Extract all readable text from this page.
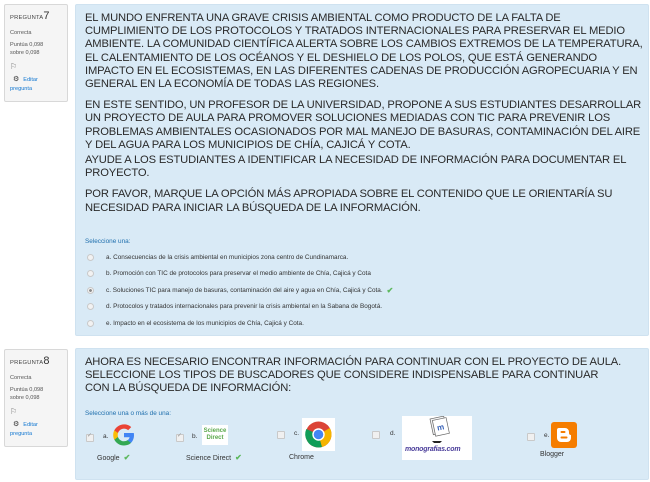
PREGUNTA7
Correcta
Puntúa 0,098
sobre 0,098
⚐
⚙ Editar
pregunta

EL MUNDO ENFRENTA UNA GRAVE CRISIS AMBIENTAL COMO PRODUCTO DE LA FALTA DE CUMPLIMIENTO DE LOS PROTOCOLOS Y TRATADOS INTERNACIONALES PARA PRESERVAR EL MEDIO AMBIENTE. LA COMUNIDAD CIENTÍFICA ALERTA SOBRE LOS CAMBIOS EXTREMOS DE LA TEMPERATURA, EL CALENTAMIENTO DE LOS OCÉANOS Y EL DESHIELO DE LOS POLOS, QUE ESTÁ GENERANDO IMPACTO EN EL ECOSISTEMAS, EN LAS DIFERENTES CADENAS DE PRODUCCIÓN AGROPECUARIA Y EN GENERAL EN LA ECONOMÍA DE TODAS LAS REGIONES.

EN ESTE SENTIDO, UN PROFESOR DE LA UNIVERSIDAD, PROPONE A SUS ESTUDIANTES DESARROLLAR UN PROYECTO DE AULA PARA PROMOVER SOLUCIONES MEDIADAS CON TIC PARA PREVENIR LOS PROBLEMAS AMBIENTALES OCASIONADOS POR MAL MANEJO DE BASURAS, CONTAMINACIÓN DEL AIRE Y DEL AGUA PARA LOS MUNICIPIOS DE CHÍA, CAJICÁ Y COTA.

AYUDE A LOS ESTUDIANTES A IDENTIFICAR LA NECESIDAD DE INFORMACIÓN PARA DOCUMENTAR EL PROYECTO.

POR FAVOR, MARQUE LA OPCIÓN MÁS APROPIADA SOBRE EL CONTENIDO QUE LE ORIENTARÍA SU NECESIDAD PARA INICIAR LA BÚSQUEDA DE LA INFORMACIÓN.

Seleccione una:
a. Consecuencias de la crisis ambiental en municipios zona centro de Cundinamarca.
b. Promoción con TIC de protocolos para preservar el medio ambiente de Chía, Cajicá y Cota
c. Soluciones TIC para manejo de basuras, contaminación del aire y agua en Chía, Cajicá y Cota. ✔
d. Protocolos y tratados internacionales para prevenir la crisis ambiental en la Sabana de Bogotá.
e. Impacto en el ecosistema de los municipios de Chía, Cajicá y Cota.
PREGUNTA8
Correcta
Puntúa 0,098
sobre 0,098
⚐
⚙ Editar
pregunta

AHORA ES NECESARIO ENCONTRAR INFORMACIÓN PARA CONTINUAR CON EL PROYECTO DE AULA. SELECCIONE LOS TIPOS DE BUSCADORES QUE CONSIDERE INDISPENSABLE PARA CONTINUAR CON LA BÚSQUEDA DE INFORMACIÓN:

Seleccione una o más de una:
✓
a.
Google ✔
✓
b.
Science
Direct
Science Direct ✔
c.
Chrome
d.
m
monografias.com
e.
Blogger
